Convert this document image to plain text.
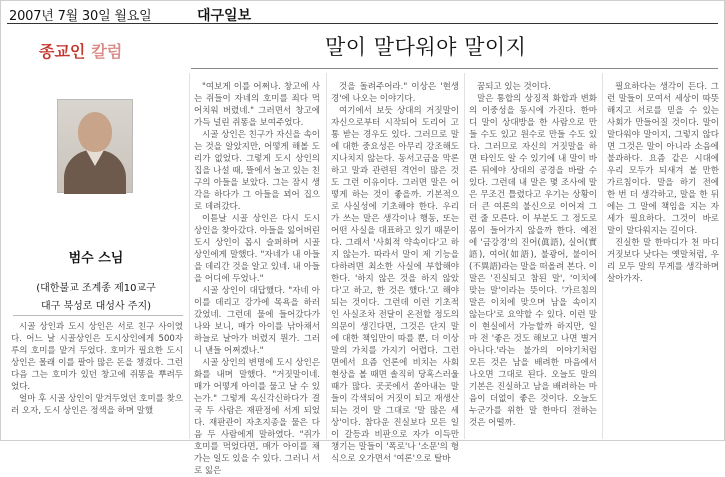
2007년 7월 30일 월요일	대구일보
종교인 칼럼	말이 말다워야 말이지
범수 스님
(대한불교 조계종 제10교구
대구 북성로 대성사 주지)

시골 상인과 도시 상인은 서로 친구 사이였다. 어느 날 시골상인은 도시상인에게 500자루의 호미를 맡겨 두었다. 호미가 필요한 도시 상인은 몰래 이를 팔아 많은 돈을 챙겼다. 그런 다음 그는 호미가 있던 창고에 쥐똥을 뿌려두었다.

얼마 후 시골 상인이 맡겨두었던 호미를 찾으러 오자, 도시 상인은 정색을 하며 말했

"여보게 이를 어쩌나. 창고에 사는 쥐들이 자네의 호미를 죄다 먹어치워 버렸네." 그러면서 창고에 가득 널린 쥐똥을 보여주었다.

시골 상인은 친구가 자신을 속이는 것을 알았지만, 어떻게 해볼 도리가 없었다. 그렇게 도시 상인의 집을 나설 때, 뜰에서 놀고 있는 친구의 아들을 보았다. 그는 잠시 생각을 하다가 그 아들을 꾀어 집으로 데려갔다.

이튿날 시골 상인은 다시 도시 상인을 찾아갔다. 아들을 잃어버린 도시 상인이 몹시 슬퍼하며 시골 상인에게 말했다. "자네가 내 아들을 데리간 것을 알고 있네. 내 아들을 어디에 두었나."

시골 상인이 대답했다. "자네 아이를 데리고 강가에 목욕을 하러 갔었네. 그런데 물에 들어갔다가 나와 보니, 매가 아이를 낚아채서 하늘로 날아가 버렸지 뭔가. 그러니 낸들 어쩌겠나."

시골 상인의 변명에 도시 상인은 화를 내며 말했다. "거짓말이네. 매가 어떻게 아이를 물고 날 수 있는가." 그렇게 옥신각신하다가 결국 두 사람은 재판정에 서게 되었다. 재판관이 자초지종을 물은 다음 두 사람에게 말하였다. "쥐가 호미를 먹었다면, 매가 아이를 채가는 일도 있을 수 있다. 그러니 서로 잃은

것을 돌려주어라." 이상은 '현생경'에 나오는 이야기다.

여기에서 보듯 상대의 거짓말이 자신으로부터 시작되어 도리어 고통 받는 경우도 있다. 그러므로 말에 대한 중요성은 아무리 강조해도 지나치지 않는다. 동서고금을 막론하고 말과 관련된 격언이 많은 것도 그런 이유이다. 그러면 말은 어떻게 하는 것이 좋을까. 기본적으로 사실성에 기초해야 한다. 우리가 쓰는 말은 생각이나 행동, 또는 어떤 사실을 대표하고 있기 때문이다. 그래서 '사회적 약속이다'고 하지 않는가. 따라서 말이 제 기능을 다하려면 최소한 사실에 부합해야 한다. '하지 않은 것을 하지 않았다'고 하고, 한 것은 했다.'고 해야 되는 것이다. 그런데 이런 기초적인 사실조차 전달이 온전할 정도의 의문이 생긴다면, 그것은 단지 말에 대한 책임만이 따를 뿐, 더 이상 말의 가치를 가지기 어렵다. 그런 면에서 요즘 언론에 비치는 사회 현상을 볼 때면 솔직히 당혹스러울 때가 많다. 곳곳에서 쏟아내는 말들이 각색되어 거짓이 되고 재생산되는 것이 말 그대로 '말 많은 세상'이다. 참다운 진실보다 모든 일이 갈등과 비판으로 자가 이득만 챙기는 말들이 '폭로'나 '소문'의 형식으로 오가면서 '여론'으로 탈바

꿈되고 있는 것이다.

말은 통합의 상징적 화합과 변화의 이중성을 동시에 가진다. 한마디 말이 상대방을 한 사람으로 만들 수도 있고 원수로 만들 수도 있다. 그러므로 자신의 거짓말을 하면 타인도 알 수 있기에 내 말이 바른 뒤에야 상대의 공경을 바랄 수 있다. 그런데 내 말은 몇 조사에 말은 무조건 틀렸다고 우기는 상황이 더 큰 여론의 불신으로 이어져 그런 줄 모른다. 이 부분도 그 정도로 몸이 들어가지 않을까 한다. 예전에 '금강경'의 진어(眞語), 실어(實語), 여어(如語), 불광어, 불이어(不異語)라는 말을 떠올려 본다. 이 말은 '진실되고 참된 말', '이치에 맞는 말'이라는 뜻이다. '가르침의 말은 이치에 맞으며 남을 속이지 않는다'로 요약할 수 있다. 이런 말이 현실에서 가능할까 하지만, 일마 전 '좋은 것도 해보고 나면 별거 아니다.'라는 불가의 이야기처럼 모든 것은 남을 배려한 마음에서 나오면 그대로 된다. 오늘도 말의 기본은 진실하고 남을 배려하는 마음이 더없이 좋은 것이다. 오늘도 누군가를 위한 말 한마디 전하는 것은 어떨까.

필요하다는 생각이 든다. 그런 말들이 모여서 세상이 따뜻해지고 서로를 믿을 수 있는 사회가 만들어질 것이다. 말이 말다워야 말이지, 그렇지 않다면 그것은 말이 아니라 소음에 불과하다. 요즘 같은 시대에 우리 모두가 되새겨 볼 만한 가르침이다. 말을 하기 전에 한 번 더 생각하고, 말을 한 뒤에는 그 말에 책임을 지는 자세가 필요하다. 그것이 바로 말이 말다워지는 길이다.

진실한 말 한마디가 천 마디 거짓보다 낫다는 옛말처럼, 우리 모두 말의 무게를 생각하며 살아가자.
